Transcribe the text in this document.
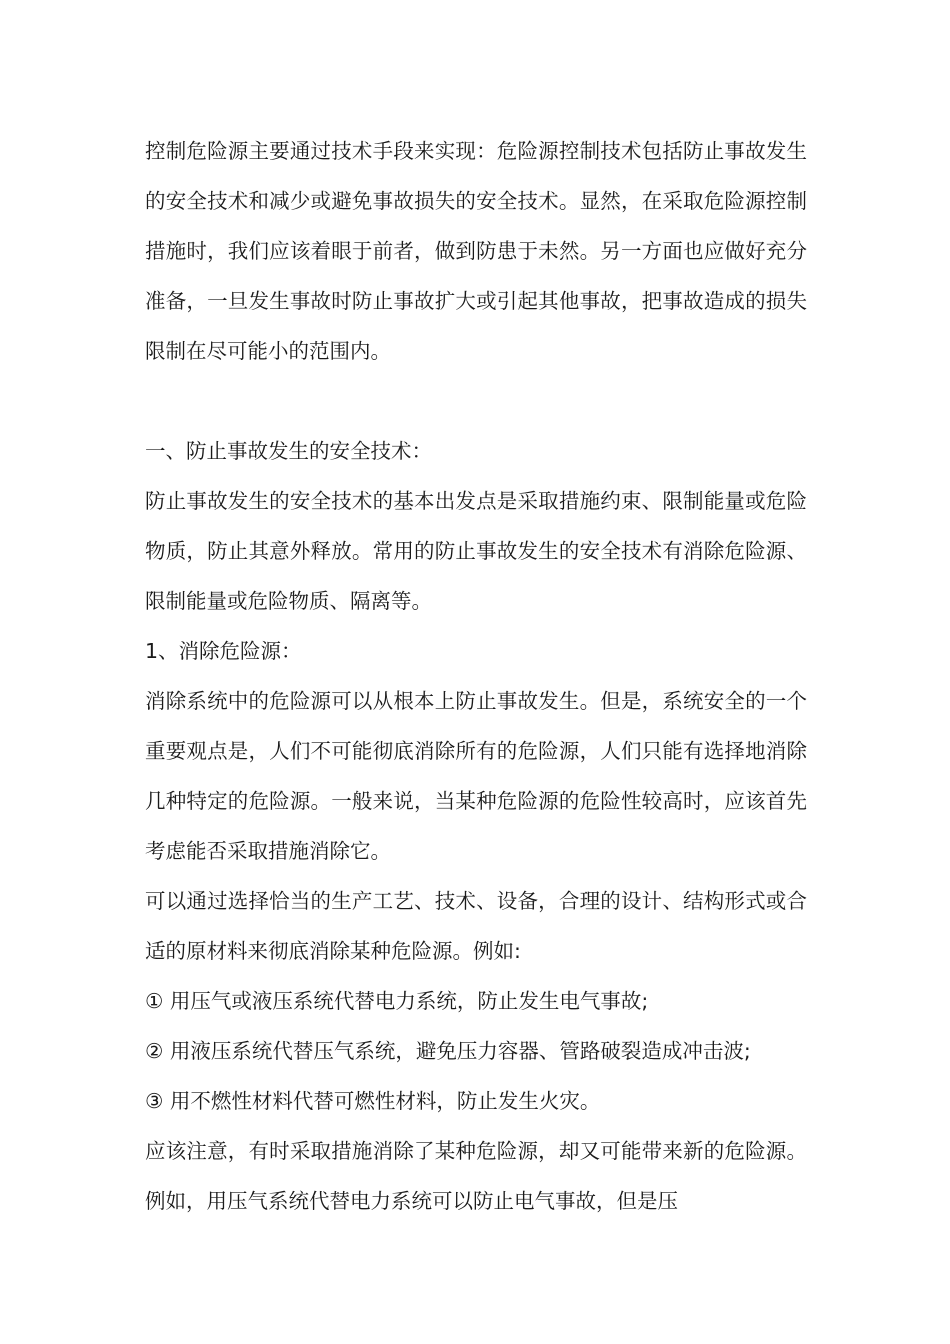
控制危险源主要通过技术手段来实现：危险源控制技术包括防止事故发生的安全技术和减少或避免事故损失的安全技术。显然，在采取危险源控制措施时，我们应该着眼于前者，做到防患于未然。另一方面也应做好充分准备，一旦发生事故时防止事故扩大或引起其他事故，把事故造成的损失限制在尽可能小的范围内。

一、防止事故发生的安全技术：

防止事故发生的安全技术的基本出发点是采取措施约束、限制能量或危险物质，防止其意外释放。常用的防止事故发生的安全技术有消除危险源、限制能量或危险物质、隔离等。

1、消除危险源：

消除系统中的危险源可以从根本上防止事故发生。但是，系统安全的一个重要观点是，人们不可能彻底消除所有的危险源，人们只能有选择地消除几种特定的危险源。一般来说，当某种危险源的危险性较高时，应该首先考虑能否采取措施消除它。

可以通过选择恰当的生产工艺、技术、设备，合理的设计、结构形式或合适的原材料来彻底消除某种危险源。例如:

① 用压气或液压系统代替电力系统，防止发生电气事故;

② 用液压系统代替压气系统，避免压力容器、管路破裂造成冲击波;

③ 用不燃性材料代替可燃性材料，防止发生火灾。

应该注意，有时采取措施消除了某种危险源，却又可能带来新的危险源。例如，用压气系统代替电力系统可以防止电气事故，但是压
